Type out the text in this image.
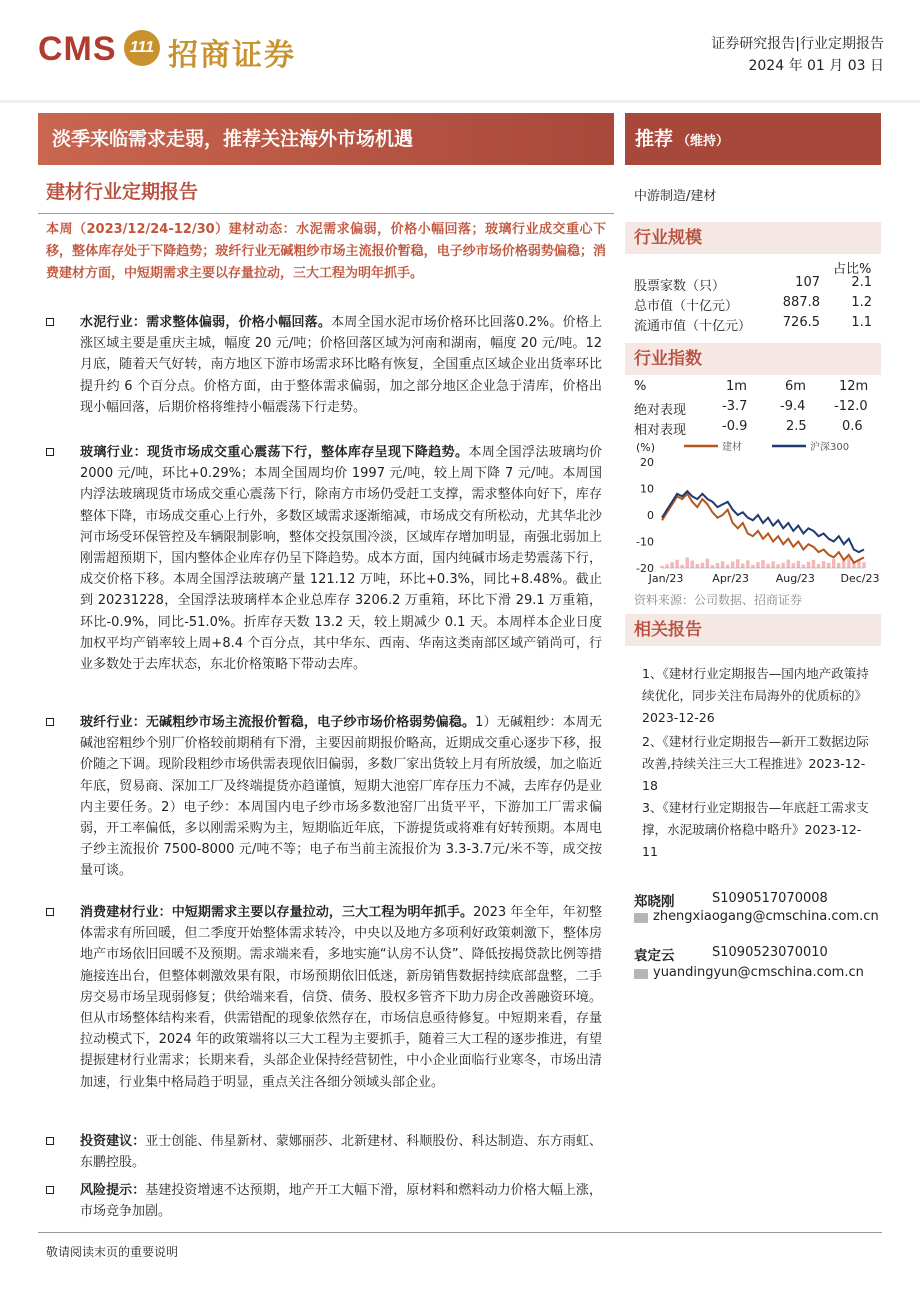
CMS 111 招商证券	证券研究报告|行业定期报告
2024 年 01 月 03 日
淡季来临需求走弱，推荐关注海外市场机遇	推荐 （维持）
建材行业定期报告
本周（2023/12/24-12/30）建材动态：水泥需求偏弱，价格小幅回落；玻璃行业成交重心下移，整体库存处于下降趋势；玻纤行业无碱粗纱市场主流报价暂稳，电子纱市场价格弱势偏稳；消费建材方面，中短期需求主要以存量拉动，三大工程为明年抓手。
水泥行业：需求整体偏弱，价格小幅回落。本周全国水泥市场价格环比回落0.2%。价格上涨区域主要是重庆主城，幅度 20 元/吨；价格回落区域为河南和湖南，幅度 20 元/吨。12 月底，随着天气好转，南方地区下游市场需求环比略有恢复，全国重点区域企业出货率环比提升约 6 个百分点。价格方面，由于整体需求偏弱，加之部分地区企业急于清库，价格出现小幅回落，后期价格将维持小幅震荡下行走势。
玻璃行业：现货市场成交重心震荡下行，整体库存呈现下降趋势。本周全国浮法玻璃均价 2000 元/吨，环比+0.29%；本周全国周均价 1997 元/吨，较上周下降 7 元/吨。本周国内浮法玻璃现货市场成交重心震荡下行，除南方市场仍受赶工支撑，需求整体向好下，库存整体下降，市场成交重心上行外，多数区域需求逐渐缩减，市场成交有所松动，尤其华北沙河市场受环保管控及车辆限制影响，整体交投氛围冷淡，区域库存增加明显，南强北弱加上刚需超预期下，国内整体企业库存仍呈下降趋势。成本方面，国内纯碱市场走势震荡下行，成交价格下移。本周全国浮法玻璃产量 121.12 万吨，环比+0.3%，同比+8.48%。截止到 20231228，全国浮法玻璃样本企业总库存 3206.2 万重箱，环比下滑 29.1 万重箱，环比-0.9%，同比-51.0%。折库存天数 13.2 天，较上期减少 0.1 天。本周样本企业日度加权平均产销率较上周+8.4 个百分点，其中华东、西南、华南这类南部区域产销尚可，行业多数处于去库状态，东北价格策略下带动去库。
玻纤行业：无碱粗纱市场主流报价暂稳，电子纱市场价格弱势偏稳。1）无碱粗纱：本周无碱池窑粗纱个别厂价格较前期稍有下滑，主要因前期报价略高，近期成交重心逐步下移，报价随之下调。现阶段粗纱市场供需表现依旧偏弱，多数厂家出货较上月有所放缓，加之临近年底，贸易商、深加工厂及终端提货亦趋谨慎，短期大池窑厂库存压力不减，去库存仍是业内主要任务。2）电子纱：本周国内电子纱市场多数池窑厂出货平平，下游加工厂需求偏弱，开工率偏低，多以刚需采购为主，短期临近年底，下游提货或将难有好转预期。本周电子纱主流报价 7500-8000 元/吨不等；电子布当前主流报价为 3.3-3.7元/米不等，成交按量可谈。
消费建材行业：中短期需求主要以存量拉动，三大工程为明年抓手。2023 年全年，年初整体需求有所回暖，但二季度开始整体需求转冷，中央以及地方多项利好政策刺激下，整体房地产市场依旧回暖不及预期。需求端来看，多地实施“认房不认贷”、降低按揭贷款比例等措施接连出台，但整体刺激效果有限，市场预期依旧低迷，新房销售数据持续底部盘整，二手房交易市场呈现弱修复；供给端来看，信贷、债务、股权多管齐下助力房企改善融资环境。但从市场整体结构来看，供需错配的现象依然存在，市场信息亟待修复。中短期来看，存量拉动模式下，2024 年的政策端将以三大工程为主要抓手，随着三大工程的逐步推进，有望提振建材行业需求；长期来看，头部企业保持经营韧性，中小企业面临行业寒冬，市场出清加速，行业集中格局趋于明显，重点关注各细分领域头部企业。
投资建议：亚士创能、伟星新材、蒙娜丽莎、北新建材、科顺股份、科达制造、东方雨虹、东鹏控股。
风险提示：基建投资增速不达预期，地产开工大幅下滑，原材料和燃料动力价格大幅上涨，市场竞争加剧。
中游制造/建材
行业规模
占比%
股票家数（只）	107 2.1
总市值（十亿元）	887.8 1.2
流通市值（十亿元） 726.5 1.1
行业指数
%	1m	6m	12m
绝对表现	-3.7	-9.4 -12.0
相对表现	-0.9	2.5	0.6
(%)	建材	沪深300
20
10
0
-10
-20
Jan/23	Apr/23 Aug/23 Dec/23
资料来源：公司数据、招商证券
相关报告
1、《建材行业定期报告—国内地产政策持续优化，同步关注布局海外的优质标的》2023-12-26
2、《建材行业定期报告—新开工数据边际改善,持续关注三大工程推进》2023-12-18
3、《建材行业定期报告—年底赶工需求支撑，水泥玻璃价格稳中略升》2023-12-11
郑晓刚	S1090517070008
zhengxiaogang@cmschina.com.cn
袁定云	S1090523070010
yuandingyun@cmschina.com.cn
敬请阅读末页的重要说明
